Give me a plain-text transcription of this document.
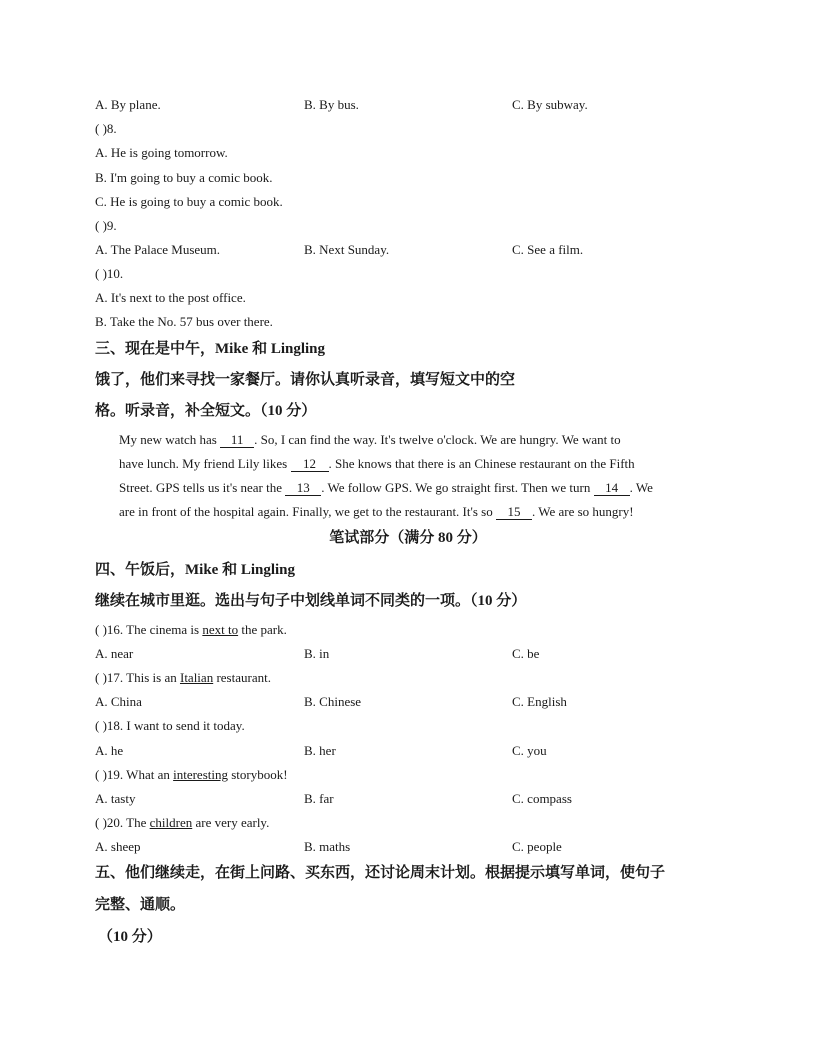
A. By plane.	B. By bus.	C. By subway.
( )8.
A. He is going tomorrow.
B. I'm going to buy a comic book.
C. He is going to buy a comic book.
( )9.
A. The Palace Museum.	B. Next Sunday.	C. See a film.
( )10.
A. It's next to the post office.
B. Take the No. 57 bus over there.
三、现在是中午，Mike 和 Lingling
饿了，他们来寻找一家餐厅。请你认真听录音，填写短文中的空
格。听录音，补全短文。（10 分）
My new watch has 11 . So, I can find the way. It's twelve o'clock. We are hungry. We want to
have lunch. My friend Lily likes 12 . She knows that there is an Chinese restaurant on the Fifth
Street. GPS tells us it's near the 13 . We follow GPS. We go straight first. Then we turn 14 . We
are in front of the hospital again. Finally, we get to the restaurant. It's so 15 . We are so hungry!
笔试部分（满分 80 分）
四、午饭后，Mike 和 Lingling
继续在城市里逛。选出与句子中划线单词不同类的一项。（10 分）
( )16. The cinema is next to the park.
A. near	B. in	C. be
( )17. This is an Italian restaurant.
A. China	B. Chinese	C. English
( )18. I want to send it today.
A. he	B. her	C. you
( )19. What an interesting storybook!
A. tasty	B. far	C. compass
( )20. The children are very early.
A. sheep	B. maths	C. people
五、他们继续走，在街上问路、买东西，还讨论周末计划。根据提示填写单词，使句子
完整、通顺。
（10 分）
